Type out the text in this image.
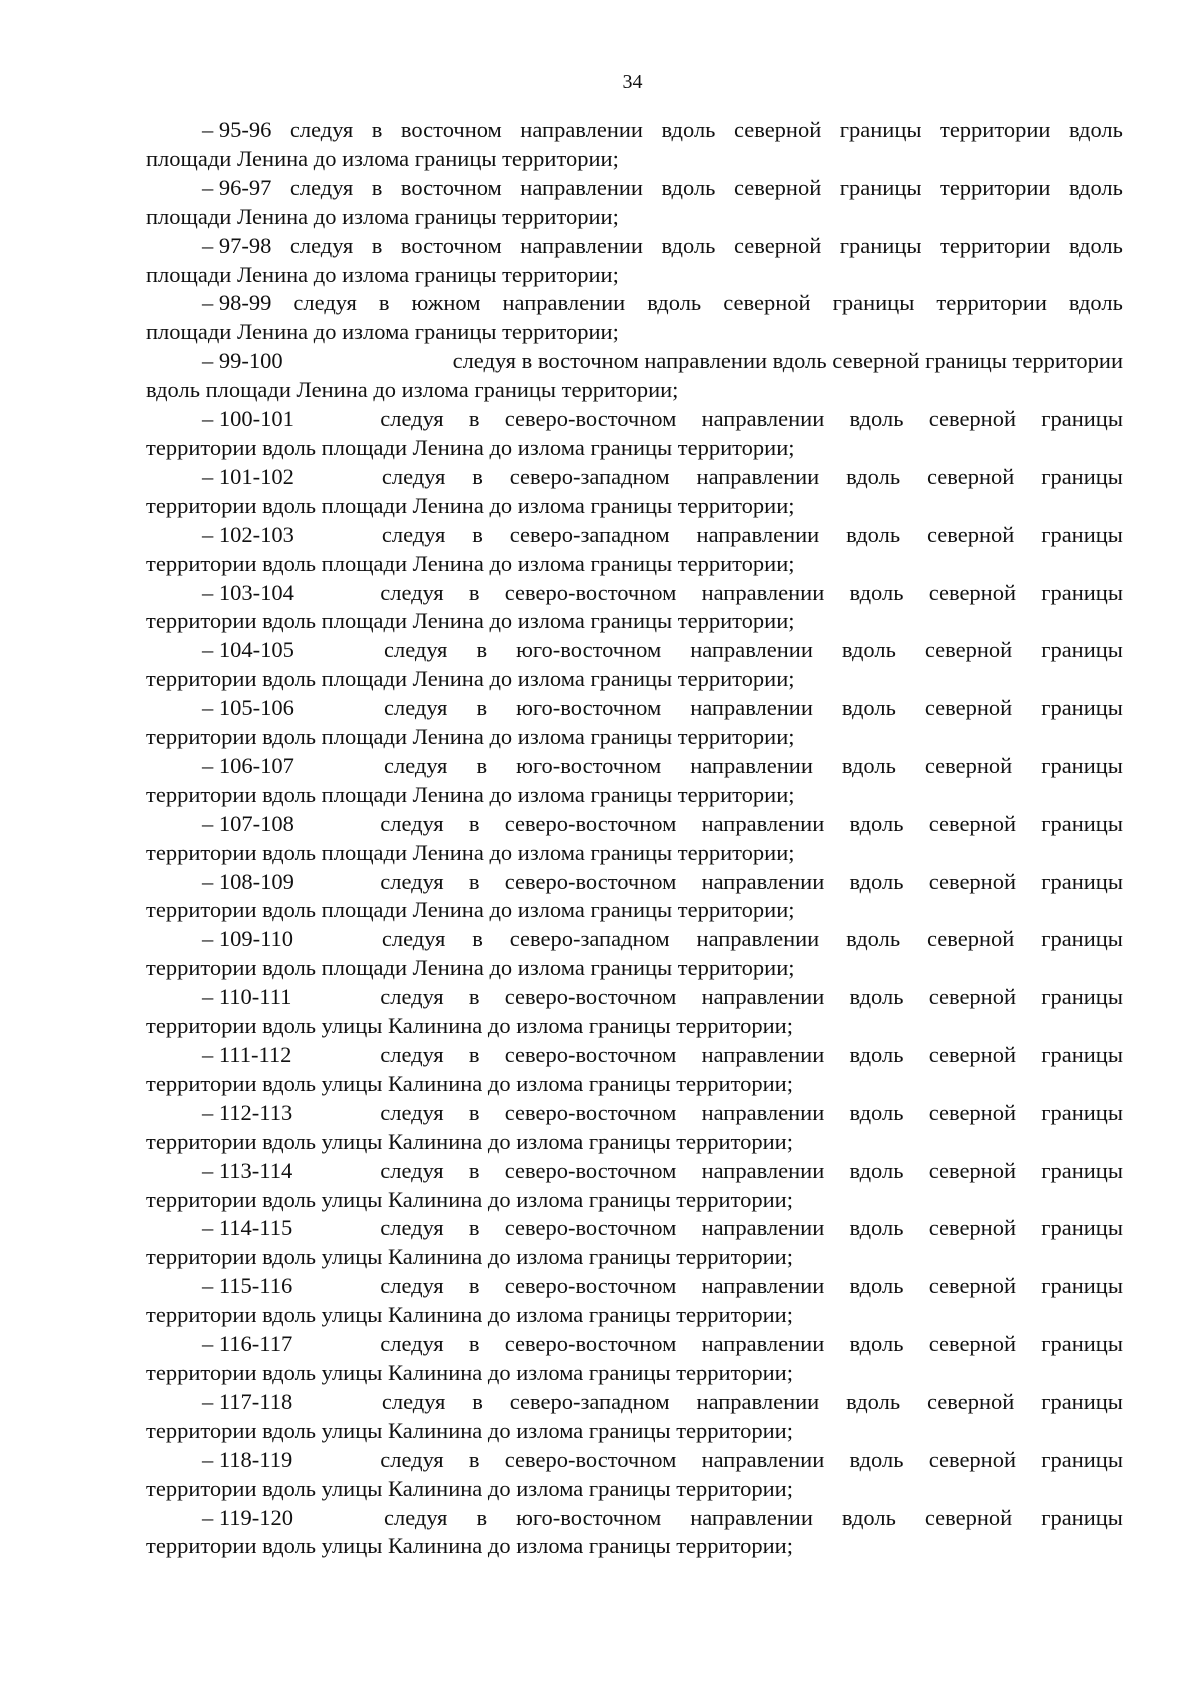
34
– 95-96 следуя в восточном направлении вдоль северной границы территории вдоль
площади Ленина до излома границы территории;
– 96-97 следуя в восточном направлении вдоль северной границы территории вдоль
площади Ленина до излома границы территории;
– 97-98 следуя в восточном направлении вдоль северной границы территории вдоль
площади Ленина до излома границы территории;
– 98-99 следуя в южном направлении вдоль северной границы территории вдоль
площади Ленина до излома границы территории;
– 99-100	следуя в восточном направлении вдоль северной границы территории
вдоль площади Ленина до излома границы территории;
– 100-101	следуя в северо-восточном направлении вдоль северной границы
территории вдоль площади Ленина до излома границы территории;
– 101-102	следуя в северо-западном направлении вдоль северной границы
территории вдоль площади Ленина до излома границы территории;
– 102-103	следуя в северо-западном направлении вдоль северной границы
территории вдоль площади Ленина до излома границы территории;
– 103-104	следуя в северо-восточном направлении вдоль северной границы
территории вдоль площади Ленина до излома границы территории;
– 104-105	следуя в юго-восточном направлении вдоль северной границы
территории вдоль площади Ленина до излома границы территории;
– 105-106	следуя в юго-восточном направлении вдоль северной границы
территории вдоль площади Ленина до излома границы территории;
– 106-107	следуя в юго-восточном направлении вдоль северной границы
территории вдоль площади Ленина до излома границы территории;
– 107-108	следуя в северо-восточном направлении вдоль северной границы
территории вдоль площади Ленина до излома границы территории;
– 108-109	следуя в северо-восточном направлении вдоль северной границы
территории вдоль площади Ленина до излома границы территории;
– 109-110	следуя в северо-западном направлении вдоль северной границы
территории вдоль площади Ленина до излома границы территории;
– 110-111	следуя в северо-восточном направлении вдоль северной границы
территории вдоль улицы Калинина до излома границы территории;
– 111-112	следуя в северо-восточном направлении вдоль северной границы
территории вдоль улицы Калинина до излома границы территории;
– 112-113	следуя в северо-восточном направлении вдоль северной границы
территории вдоль улицы Калинина до излома границы территории;
– 113-114	следуя в северо-восточном направлении вдоль северной границы
территории вдоль улицы Калинина до излома границы территории;
– 114-115	следуя в северо-восточном направлении вдоль северной границы
территории вдоль улицы Калинина до излома границы территории;
– 115-116	следуя в северо-восточном направлении вдоль северной границы
территории вдоль улицы Калинина до излома границы территории;
– 116-117	следуя в северо-восточном направлении вдоль северной границы
территории вдоль улицы Калинина до излома границы территории;
– 117-118	следуя в северо-западном направлении вдоль северной границы
территории вдоль улицы Калинина до излома границы территории;
– 118-119	следуя в северо-восточном направлении вдоль северной границы
территории вдоль улицы Калинина до излома границы территории;
– 119-120	следуя в юго-восточном направлении вдоль северной границы
территории вдоль улицы Калинина до излома границы территории;
